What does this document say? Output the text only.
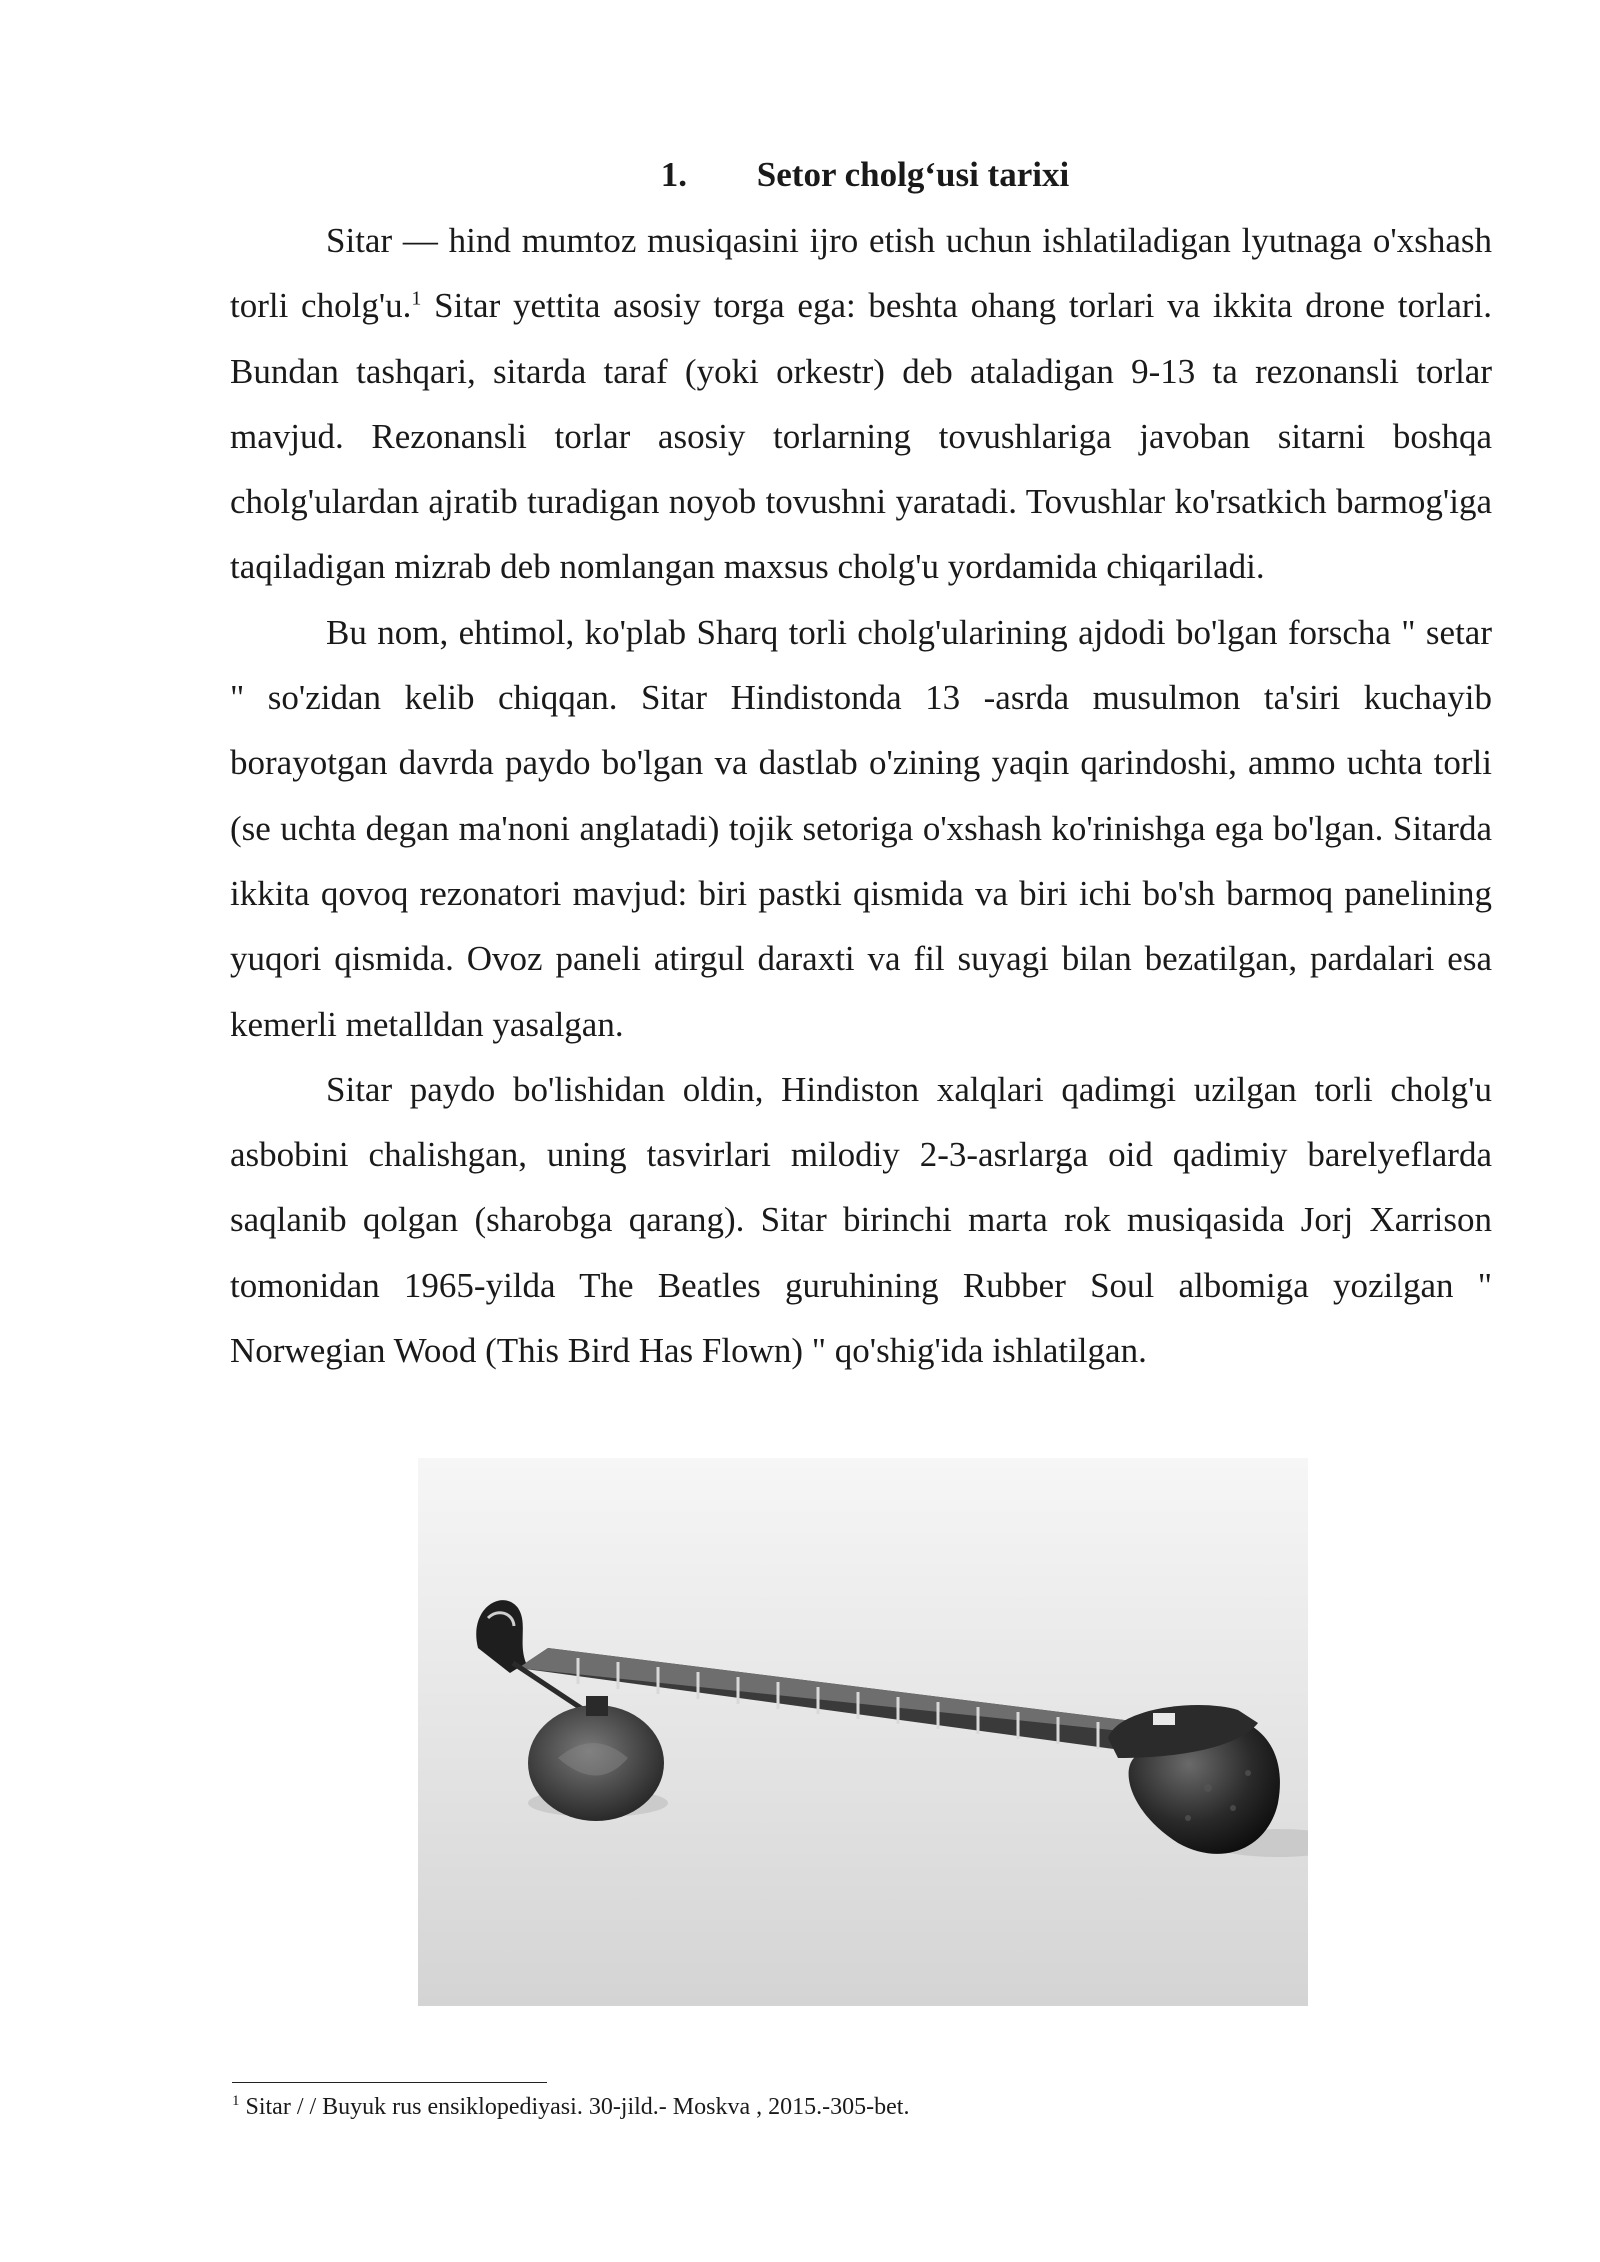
1. Setor cholg‘usi tarixi

Sitar — hind mumtoz musiqasini ijro etish uchun ishlatiladigan lyutnaga o'xshash torli cholg'u.$^1$ Sitar yettita asosiy torga ega: beshta ohang torlari va ikkita drone torlari. Bundan tashqari, sitarda taraf (yoki orkestr) deb ataladigan 9-13 ta rezonansli torlar mavjud. Rezonansli torlar asosiy torlarning tovushlariga javoban sitarni boshqa cholg'ulardan ajratib turadigan noyob tovushni yaratadi. Tovushlar ko'rsatkich barmog'iga taqiladigan mizrab deb nomlangan maxsus cholg'u yordamida chiqariladi.

Bu nom, ehtimol, ko'plab Sharq torli cholg'ularining ajdodi bo'lgan forscha " setar " so'zidan kelib chiqqan. Sitar Hindistonda 13 -asrda musulmon ta'siri kuchayib borayotgan davrda paydo bo'lgan va dastlab o'zining yaqin qarindoshi, ammo uchta torli (se uchta degan ma'noni anglatadi) tojik setoriga o'xshash ko'rinishga ega bo'lgan. Sitarda ikkita qovoq rezonatori mavjud: biri pastki qismida va biri ichi bo'sh barmoq panelining yuqori qismida. Ovoz paneli atirgul daraxti va fil suyagi bilan bezatilgan, pardalari esa kemerli metalldan yasalgan.

Sitar paydo bo'lishidan oldin, Hindiston xalqlari qadimgi uzilgan torli cholg'u asbobini chalishgan, uning tasvirlari milodiy 2-3-asrlarga oid qadimiy barelyeflarda saqlanib qolgan (sharobga qarang). Sitar birinchi marta rok musiqasida Jorj Xarrison tomonidan 1965-yilda The Beatles guruhining Rubber Soul albomiga yozilgan " Norwegian Wood (This Bird Has Flown) " qo'shig'ida ishlatilgan.

$^1$ Sitar / / Buyuk rus ensiklopediyasi. 30-jild.- Moskva , 2015.-305-bet.
